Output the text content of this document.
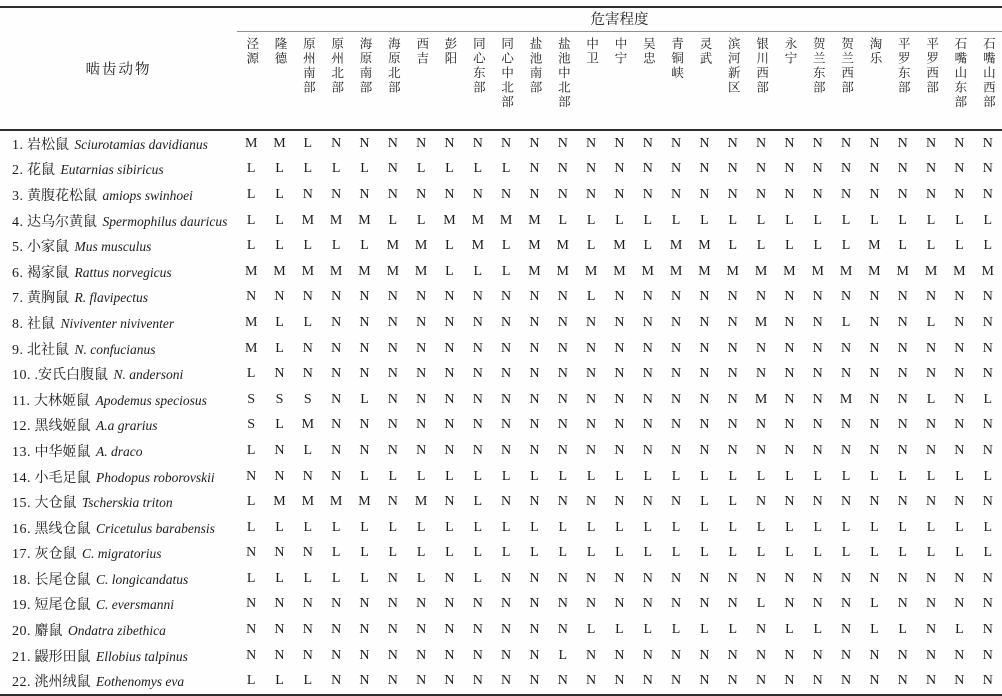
啮齿动物	危害程度																										
	泾源	隆德	原州南部	原州北部	海原南部	海原北部	西吉	彭阳	同心东部	同心中北部	盐池南部	盐池中北部	中卫	中宁	吴忠	青铜峡	灵武	滨河新区	银川西部	永宁	贺兰东部	贺兰西部	淘乐	平罗东部	平罗西部	石嘴山东部	石嘴山西部
1. 岩松鼠 Sciurotamias davidianus	M	M	L	N	N	N	N	N	N	N	N	N	N	N	N	N	N	N	N	N	N	N	N	N	N	N	N
2. 花鼠 Eutarnias sibiricus	L	L	L	L	L	N	L	L	L	L	N	N	N	N	N	N	N	N	N	N	N	N	N	N	N	N	N
3. 黄腹花松鼠 amiops swinhoei	L	L	N	N	N	N	N	N	N	N	N	N	N	N	N	N	N	N	N	N	N	N	N	N	N	N	N
4. 达乌尔黄鼠 Spermophilus dauricus	L	L	M	M	M	L	L	M	M	M	M	L	L	L	L	L	L	L	L	L	L	L	L	L	L	L	L
5. 小家鼠 Mus musculus	L	L	L	L	L	M	M	L	M	L	M	M	L	M	L	M	M	L	L	L	L	L	M	L	L	L	L
6. 褐家鼠 Rattus norvegicus	M	M	M	M	M	M	M	L	L	L	M	M	M	M	M	M	M	M	M	M	M	M	M	M	M	M	M
7. 黄胸鼠 R. flavipectus	N	N	N	N	N	N	N	N	N	N	N	N	L	N	N	N	N	N	N	N	N	N	N	N	N	N	N
8. 社鼠 Niviventer niviventer	M	L	L	N	N	N	N	N	N	N	N	N	N	N	N	N	N	N	M	N	N	L	N	N	L	N	N
9. 北社鼠 N. confucianus	M	L	N	N	N	N	N	N	N	N	N	N	N	N	N	N	N	N	N	N	N	N	N	N	N	N	N
10. .安氏白腹鼠 N. andersoni	L	N	N	N	N	N	N	N	N	N	N	N	N	N	N	N	N	N	N	N	N	N	N	N	N	N	N
11. 大林姬鼠 Apodemus speciosus	S	S	S	N	L	N	N	N	N	N	N	N	N	N	N	N	N	N	M	N	N	M	N	N	L	N	L
12. 黑线姬鼠 A.a grarius	S	L	M	N	N	N	N	N	N	N	N	N	N	N	N	N	N	N	N	N	N	N	N	N	N	N	N
13. 中华姬鼠 A. draco	L	N	L	N	N	N	N	N	N	N	N	N	N	N	N	N	N	N	N	N	N	N	N	N	N	N	N
14. 小毛足鼠 Phodopus roborovskii	N	N	N	N	L	L	L	L	L	L	L	L	L	L	L	L	L	L	L	L	L	L	L	L	L	L	L
15. 大仓鼠 Tscherskia triton	L	M	M	M	M	N	M	N	L	N	N	N	N	N	N	N	L	L	N	N	N	N	N	N	N	N	N
16. 黑线仓鼠 Cricetulus barabensis	L	L	L	L	L	L	L	L	L	L	L	L	L	L	L	L	L	L	L	L	L	L	L	L	L	L	L
17. 灰仓鼠 C. migratorius	N	N	N	L	L	L	L	L	L	L	L	L	L	L	L	L	L	L	L	L	L	L	L	L	L	L	L
18. 长尾仓鼠 C. longicandatus	L	L	L	L	L	N	L	N	L	N	N	N	N	N	N	N	N	N	N	N	N	N	N	N	N	N	N
19. 短尾仓鼠 C. eversmanni	N	N	N	N	N	N	N	N	N	N	N	N	N	N	N	N	N	N	L	N	N	N	L	N	N	N	N
20. 麝鼠 Ondatra zibethica	N	N	N	N	N	N	N	N	N	N	N	N	L	L	L	L	L	L	N	L	L	N	L	L	N	L	N
21. 鼹形田鼠 Ellobius talpinus	N	N	N	N	N	N	N	N	N	N	N	L	N	N	N	N	N	N	N	N	N	N	N	N	N	N	N
22. 洮州绒鼠 Eothenomys eva	L	L	L	N	N	N	N	N	N	N	N	N	N	N	N	N	N	N	N	N	N	N	N	N	N	N	N
